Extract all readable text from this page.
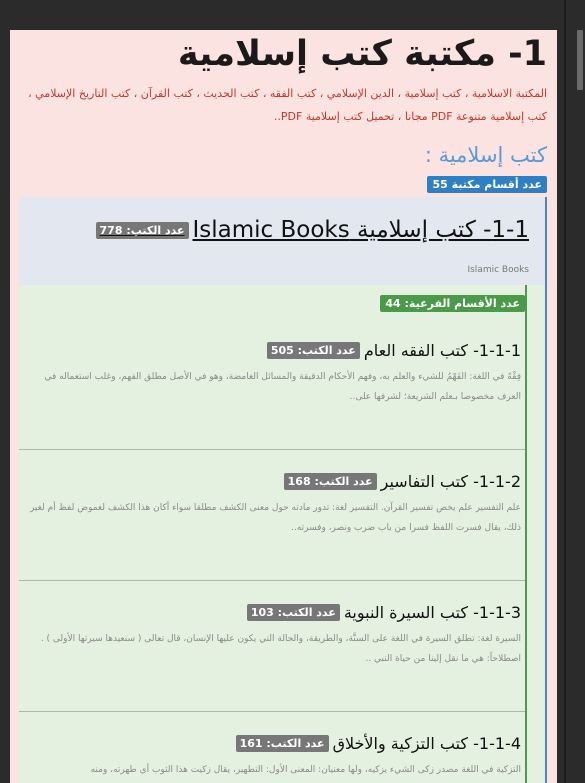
1- مكتبة كتب إسلامية

المكتبة الاسلامية ، كتب إسلامية ، الدين الإسلامي ، كتب الفقه ، كتب الحديث ، كتب القرآن ، كتب التاريخ الإسلامي ، كتب إسلامية متنوعة PDF مجانا ، تحميل كتب إسلامية PDF..

كتب إسلامية :
عدد أقسام مكتبة 55
1-1- كتب إسلامية Islamic Books
عدد الكتب: 778
Islamic Books
عدد الأقسام الفرعية: 44
1-1-1- كتب الفقه العام
عدد الكتب: 505

فِقْهٌ في اللغة: الفَهْمُ للشيء والعلم به، وفهم الأحكام الدقيقة والمسائل الغامضة، وهو في الأصل مطلق الفهم، وغلب استعماله في العرف مخصوصا بـعلم الشريعة؛ لشرفها على..

1-1-2- كتب التفاسير
عدد الكتب: 168

علم التفسير علم يخص تفسير القرآن. التفسير لغة: تدور مادته حول معنى الكشف مطلقا سواء أكان هذا الكشف لغموض لفظ أم لغير ذلك، يقال فسرت اللفظ فسرا من باب ضرب ونصر، وفسرته..

1-1-3- كتب السيرة النبوية
عدد الكتب: 103

السيرة لغة: تطلق السيرة في اللغة على السنَّة، والطريقة، والحالة التي يكون عليها الإنسان، قال تعالى ( سنعيدها سيرتها الأولى ) . اصطلاحاً: هي ما نقل إلينا من حياة النبي ..

1-1-4- كتب التزكية والأخلاق
عدد الكتب: 161

التزكية في اللغة مصدر زكى الشيء يزكيه، ولها معنيان: المعنى الأول: التطهير، يقال زكيت هذا الثوب أي طهرته، ومنه
